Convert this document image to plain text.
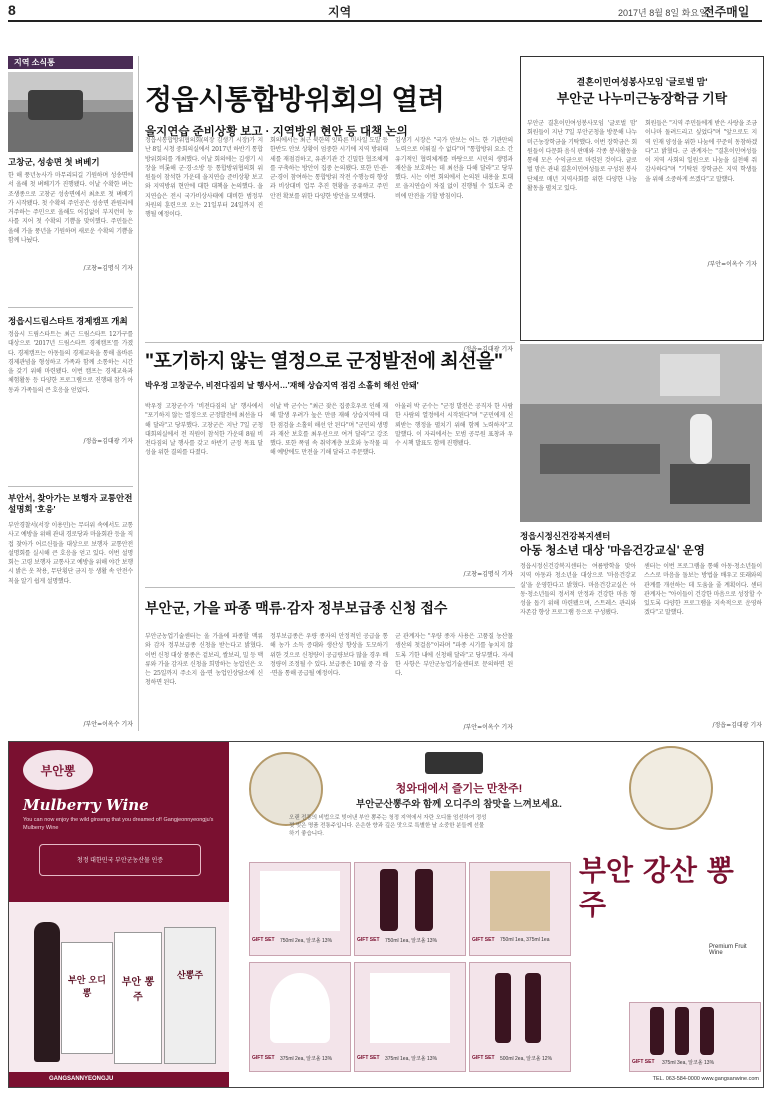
8	지역	2017년 8월 8일 화요일
전주매일
지역 소식통
고창군, 성송면 첫 벼베기
한 해 풍년농사가 마무리되길 기원하며 성송면에서 올해 첫 벼베기가 진행됐다. 이날 수확한 벼는 조생종으로 고창군 성송면에서 최초로 첫 벼베기가 시작됐다. 첫 수확의 주인공은 성송면 관원리에 거주하는 주민으로 올해도 어김없이 부지런히 농사를 지어 첫 수확의 기쁨을 맞이했다. 주민들은 올해 가을 풍년을 기원하며 새로운 수확의 기쁨을 함께 나눴다.
/고창=김명식 기자
정읍시드림스타트 경제캠프 개최
정읍시 드림스타트는 최근 드림스타트 12가구를 대상으로 '2017년 드림스타트 경제캠프'를 가졌다. 경제캠프는 아동들의 경제교육을 통해 올바른 경제관념을 형성하고 가족과 함께 소통하는 시간을 갖기 위해 마련됐다. 이번 캠프는 경제교육과 체험활동 등 다양한 프로그램으로 진행돼 참가 아동과 가족들의 큰 호응을 얻었다.
/정읍=김대광 기자
부안서, 찾아가는 보행자 교통안전설명회 '호응'
부안경찰서(서장 이용민)는 무더위 속에서도 교통사고 예방을 위해 관내 경로당과 마을회관 등을 직접 찾아가 어르신들을 대상으로 보행자 교통안전 설명회를 실시해 큰 호응을 얻고 있다. 이번 설명회는 고령 보행자 교통사고 예방을 위해 야간 보행 시 밝은 옷 착용, 무단횡단 금지 등 생활 속 안전수칙을 알기 쉽게 설명했다.
/부안=이옥수 기자
정읍시통합방위회의 열려
을지연습 준비상황 보고 · 지역방위 현안 등 대책 논의
정읍시통합방위협의회(의장 김생기 시장)가 지난 8일 시청 중회의실에서 2017년 하반기 통합방위회의를 개최했다. 이날 회의에는 김생기 시장을 비롯해 군·경·소방 등 통합방위협의회 위원들이 참석한 가운데 을지연습 준비상황 보고와 지역방위 현안에 대한 대책을 논의했다. 을지연습은 전시 국가비상사태에 대비한 범정부 차원의 훈련으로 오는 21일부터 24일까지 진행될 예정이다.
회의에서는 최근 북한의 잇따른 미사일 도발 등 한반도 안보 상황이 엄중한 시기에 지역 방위태세를 재점검하고, 유관기관 간 긴밀한 협조체계를 구축하는 방안이 집중 논의됐다. 또한 민·관·군·경이 참여하는 통합방위 작전 수행능력 향상과 비상대비 업무 추진 현황을 공유하고 주민 안전 확보를 위한 다양한 방안을 모색했다.
김생기 시장은 "국가 안보는 어느 한 기관만의 노력으로 이뤄질 수 없다"며 "통합방위 요소 간 유기적인 협력체계를 바탕으로 시민의 생명과 재산을 보호하는 데 최선을 다해 달라"고 당부했다. 시는 이번 회의에서 논의된 내용을 토대로 을지연습이 차질 없이 진행될 수 있도록 준비에 만전을 기할 방침이다.
/정읍=김대광 기자
결혼이민여성봉사모임 '글로벌 맘'
부안군 나누미근농장학금 기탁
부안군 결혼이민여성봉사모임 '글로벌 맘' 회원들이 지난 7일 부안군청을 방문해 나누미근농장학금을 기탁했다. 이번 장학금은 회원들이 다문화 음식 판매와 각종 봉사활동을 통해 모은 수익금으로 마련된 것이다. 글로벌 맘은 관내 결혼이민여성들로 구성된 봉사단체로 매년 지역사회를 위한 다양한 나눔 활동을 펼치고 있다.
회원들은 "지역 주민들에게 받은 사랑을 조금이나마 돌려드리고 싶었다"며 "앞으로도 지역 인재 양성을 위한 나눔에 꾸준히 동참하겠다"고 밝혔다. 군 관계자는 "결혼이민여성들이 지역 사회의 일원으로 나눔을 실천해 줘 감사하다"며 "기탁된 장학금은 지역 학생들을 위해 소중하게 쓰겠다"고 말했다.
/부안=이옥수 기자
"포기하지 않는 열정으로 군정발전에 최선을"
박우정 고창군수, 비전다짐의 날 행사서…'재해 상습지역 점검 소홀히 해선 안돼'
박우정 고창군수가 '비전다짐의 날' 행사에서 "포기하지 않는 열정으로 군정발전에 최선을 다해 달라"고 당부했다. 고창군은 지난 7일 군청 대회의실에서 전 직원이 참석한 가운데 8월 비전다짐의 날 행사를 갖고 하반기 군정 목표 달성을 위한 결의를 다졌다.
이날 박 군수는 "최근 잦은 집중호우로 인해 재해 발생 우려가 높은 만큼 재해 상습지역에 대한 점검을 소홀히 해선 안 된다"며 "군민의 생명과 재산 보호를 최우선으로 여겨 달라"고 강조했다. 또한 폭염 속 취약계층 보호와 농작물 피해 예방에도 만전을 기해 달라고 주문했다.
아울러 박 군수는 "군정 발전은 공직자 한 사람 한 사람의 열정에서 시작된다"며 "군민에게 신뢰받는 행정을 펼치기 위해 함께 노력하자"고 말했다. 이 자리에서는 모범 공무원 표창과 우수 시책 발표도 함께 진행됐다.
/고창=김명식 기자
부안군, 가을 파종 맥류·감자 정부보급종 신청 접수
부안군농업기술센터는 올 가을에 파종할 맥류와 감자 정부보급종 신청을 받는다고 밝혔다. 이번 신청 대상 품종은 겉보리, 쌀보리, 밀 등 맥류와 가을 감자로 신청을 희망하는 농업인은 오는 25일까지 주소지 읍·면 농업인상담소에 신청하면 된다.
정부보급종은 우량 종자의 안정적인 공급을 통해 농가 소득 증대와 생산성 향상을 도모하기 위한 것으로 신청량이 공급량보다 많을 경우 배정량이 조정될 수 있다. 보급종은 10월 중 각 읍·면을 통해 공급될 예정이다.
군 관계자는 "우량 종자 사용은 고품질 농산물 생산의 첫걸음"이라며 "파종 시기를 놓치지 않도록 기한 내에 신청해 달라"고 당부했다. 자세한 사항은 부안군농업기술센터로 문의하면 된다.
/부안=이옥수 기자
정읍시정신건강복지센터
아동 청소년 대상 '마음건강교실' 운영
정읍시정신건강복지센터는 여름방학을 맞아 지역 아동과 청소년을 대상으로 '마음건강교실'을 운영한다고 밝혔다. 마음건강교실은 아동·청소년들의 정서적 안정과 건강한 마음 형성을 돕기 위해 마련됐으며, 스트레스 관리와 자존감 향상 프로그램 등으로 구성됐다.
센터는 이번 프로그램을 통해 아동·청소년들이 스스로 마음을 돌보는 방법을 배우고 또래와의 관계를 개선하는 데 도움을 줄 계획이다. 센터 관계자는 "아이들이 건강한 마음으로 성장할 수 있도록 다양한 프로그램을 지속적으로 운영하겠다"고 말했다.
/정읍=김대광 기자
부안뽕
Mulberry Wine
You can now enjoy the wild ginseng that you dreamed of! Gangjeonnyeongju's Mulberry Wine
청정 대한민국 부안군농산물 인증
부안 오디뽕
부안 뽕주
산뽕주
GANGSANNYEONGJU
청와대에서 즐기는 만찬주!
부안군산뽕주와 함께 오디주의 참맛을 느껴보세요.
오랜 전통의 비법으로 빚어낸 부안 뽕주는 청정 지역에서 자란 오디를 엄선하여 정성껏 빚은 명품 전통주입니다. 은은한 향과 깊은 맛으로 특별한 날 소중한 분들께 선물하기 좋습니다.
GIFT SET 750ml 2ea, 알코올 13%	GIFT SET 750ml 1ea, 알코올 13%	GIFT SET 750ml 1ea, 375ml 1ea
GIFT SET 375ml 2ea, 알코올 13%	GIFT SET 375ml 1ea, 알코올 13%	GIFT SET 500ml 2ea, 알코올 12%
부안 강산 뽕주
Premium Fruit Wine
GIFT SET 375ml 3ea, 알코올 13%
TEL. 063-584-0000 www.gangsanwine.com
